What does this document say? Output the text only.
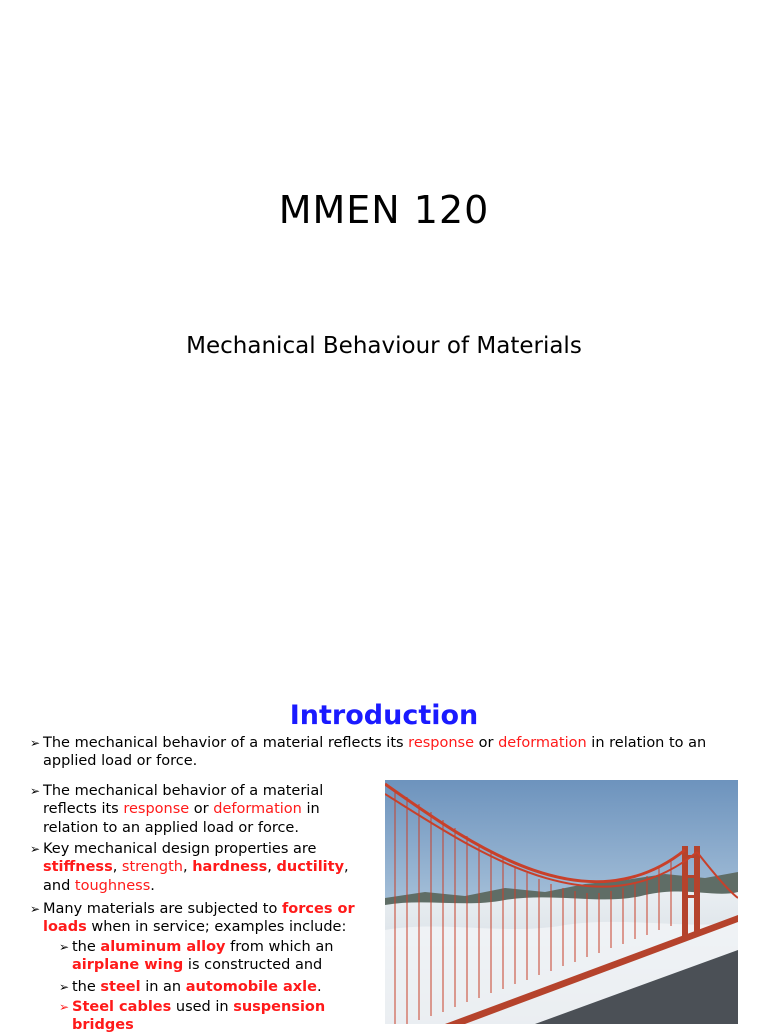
MMEN 120
Mechanical Behaviour of Materials
Introduction
➢ The mechanical behavior of a material reflects its response or deformation in relation to an applied load or force.
➢ The mechanical behavior of a material reflects its response or deformation in relation to an applied load or force.
➢ Key mechanical design properties are stiffness, strength, hardness, ductility, and toughness.
➢ Many materials are subjected to forces or loads when in service; examples include:
➢ the aluminum alloy from which an airplane wing is constructed and
➢ the steel in an automobile axle.
➢ Steel cables used in suspension bridges
